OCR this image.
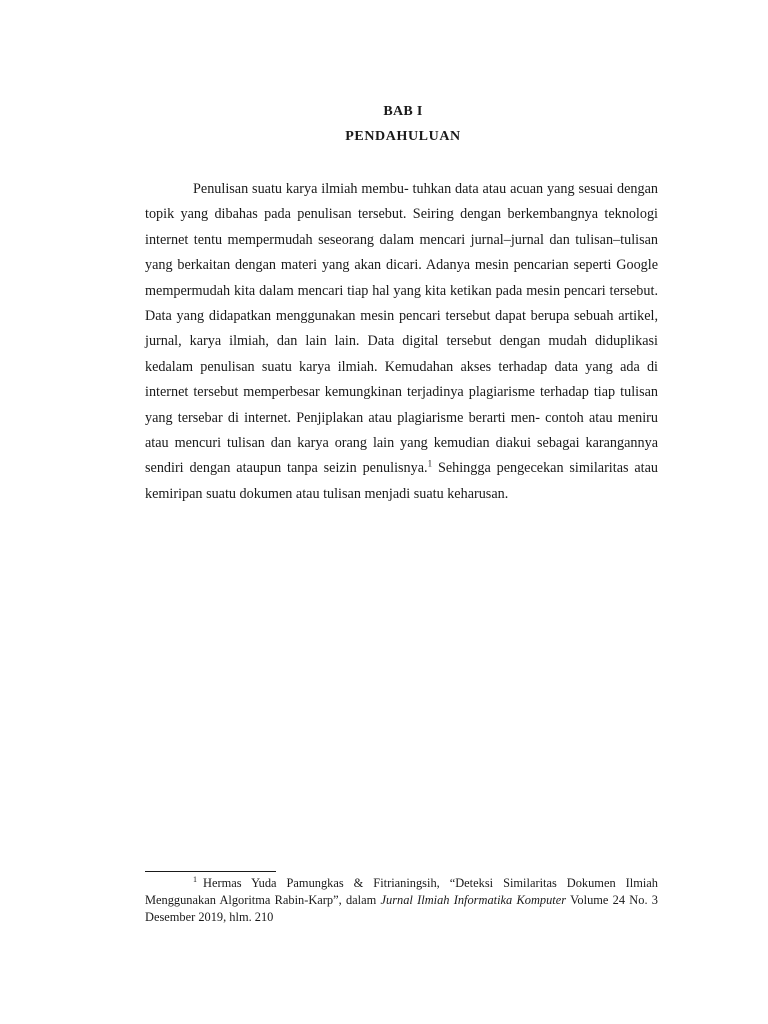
BAB I
PENDAHULUAN

Penulisan suatu karya ilmiah membu- tuhkan data atau acuan yang sesuai dengan topik yang dibahas pada penulisan tersebut. Seiring dengan berkembangnya teknologi internet tentu mempermudah seseorang dalam mencari jurnal–jurnal dan tulisan–tulisan yang berkaitan dengan materi yang akan dicari. Adanya mesin pencarian seperti Google mempermudah kita dalam mencari tiap hal yang kita ketikan pada mesin pencari tersebut. Data yang didapatkan menggunakan mesin pencari tersebut dapat berupa sebuah artikel, jurnal, karya ilmiah, dan lain lain. Data digital tersebut dengan mudah diduplikasi kedalam penulisan suatu karya ilmiah. Kemudahan akses terhadap data yang ada di internet tersebut memperbesar kemungkinan terjadinya plagiarisme terhadap tiap tulisan yang tersebar di internet. Penjiplakan atau plagiarisme berarti men- contoh atau meniru atau mencuri tulisan dan karya orang lain yang kemudian diakui sebagai karangannya sendiri dengan ataupun tanpa seizin penulisnya.$^1$ Sehingga pengecekan similaritas atau kemiripan suatu dokumen atau tulisan menjadi suatu keharusan.

$^1$ Hermas Yuda Pamungkas & Fitrianingsih, “Deteksi Similaritas Dokumen Ilmiah Menggunakan Algoritma Rabin-Karp”, dalam Jurnal Ilmiah Informatika Komputer Volume 24 No. 3 Desember 2019, hlm. 210
